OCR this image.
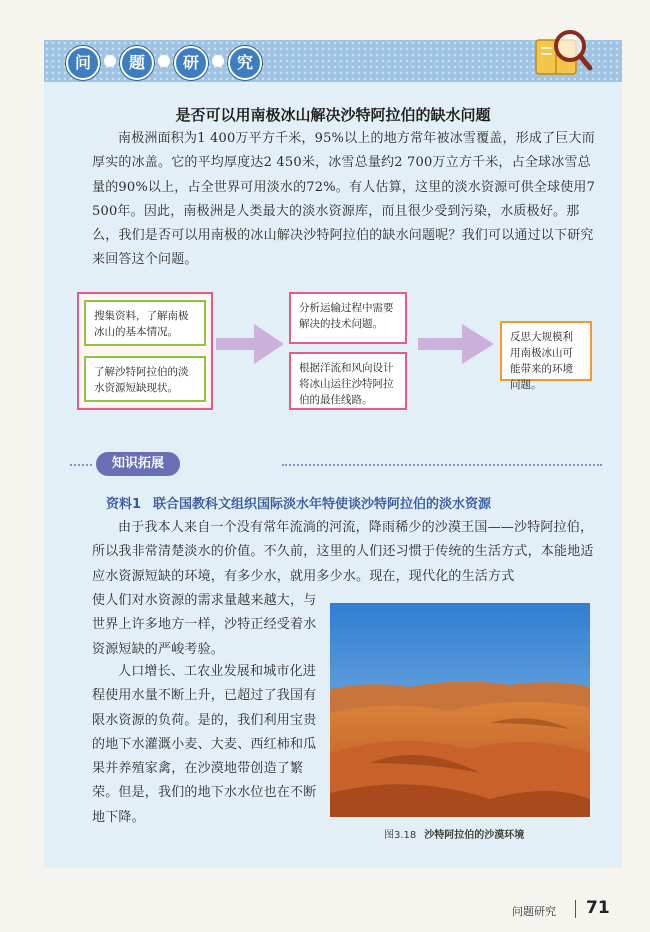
问	题	研	究
是否可以用南极冰山解决沙特阿拉伯的缺水问题

南极洲面积为1 400万平方千米，95%以上的地方常年被冰雪覆盖，形成了巨大而厚实的冰盖。它的平均厚度达2 450米，冰雪总量约2 700万立方千米，占全球冰雪总量的90%以上，占全世界可用淡水的72%。有人估算，这里的淡水资源可供全球使用7 500年。因此，南极洲是人类最大的淡水资源库，而且很少受到污染，水质极好。那么，我们是否可以用南极的冰山解决沙特阿拉伯的缺水问题呢？我们可以通过以下研究来回答这个问题。

搜集资料，了解南极冰山的基本情况。
了解沙特阿拉伯的淡水资源短缺现状。
分析运输过程中需要解决的技术问题。
根据洋流和风向设计将冰山运往沙特阿拉伯的最佳线路。
反思大规模利用南极冰山可能带来的环境问题。
知识拓展
资料1 联合国教科文组织国际淡水年特使谈沙特阿拉伯的淡水资源

由于我本人来自一个没有常年流淌的河流，降雨稀少的沙漠王国——沙特阿拉伯，所以我非常清楚淡水的价值。不久前，这里的人们还习惯于传统的生活方式，本能地适应水资源短缺的环境，有多少水，就用多少水。现在，现代化的生活方式

使人们对水资源的需求量越来越大，与世界上许多地方一样，沙特正经受着水资源短缺的严峻考验。

人口增长、工农业发展和城市化进程使用水量不断上升，已超过了我国有限水资源的负荷。是的，我们利用宝贵的地下水灌溉小麦、大麦、西红柿和瓜果并养殖家禽，在沙漠地带创造了繁荣。但是，我们的地下水水位也在不断地下降。

图3.18 沙特阿拉伯的沙漠环境
问题研究 71
